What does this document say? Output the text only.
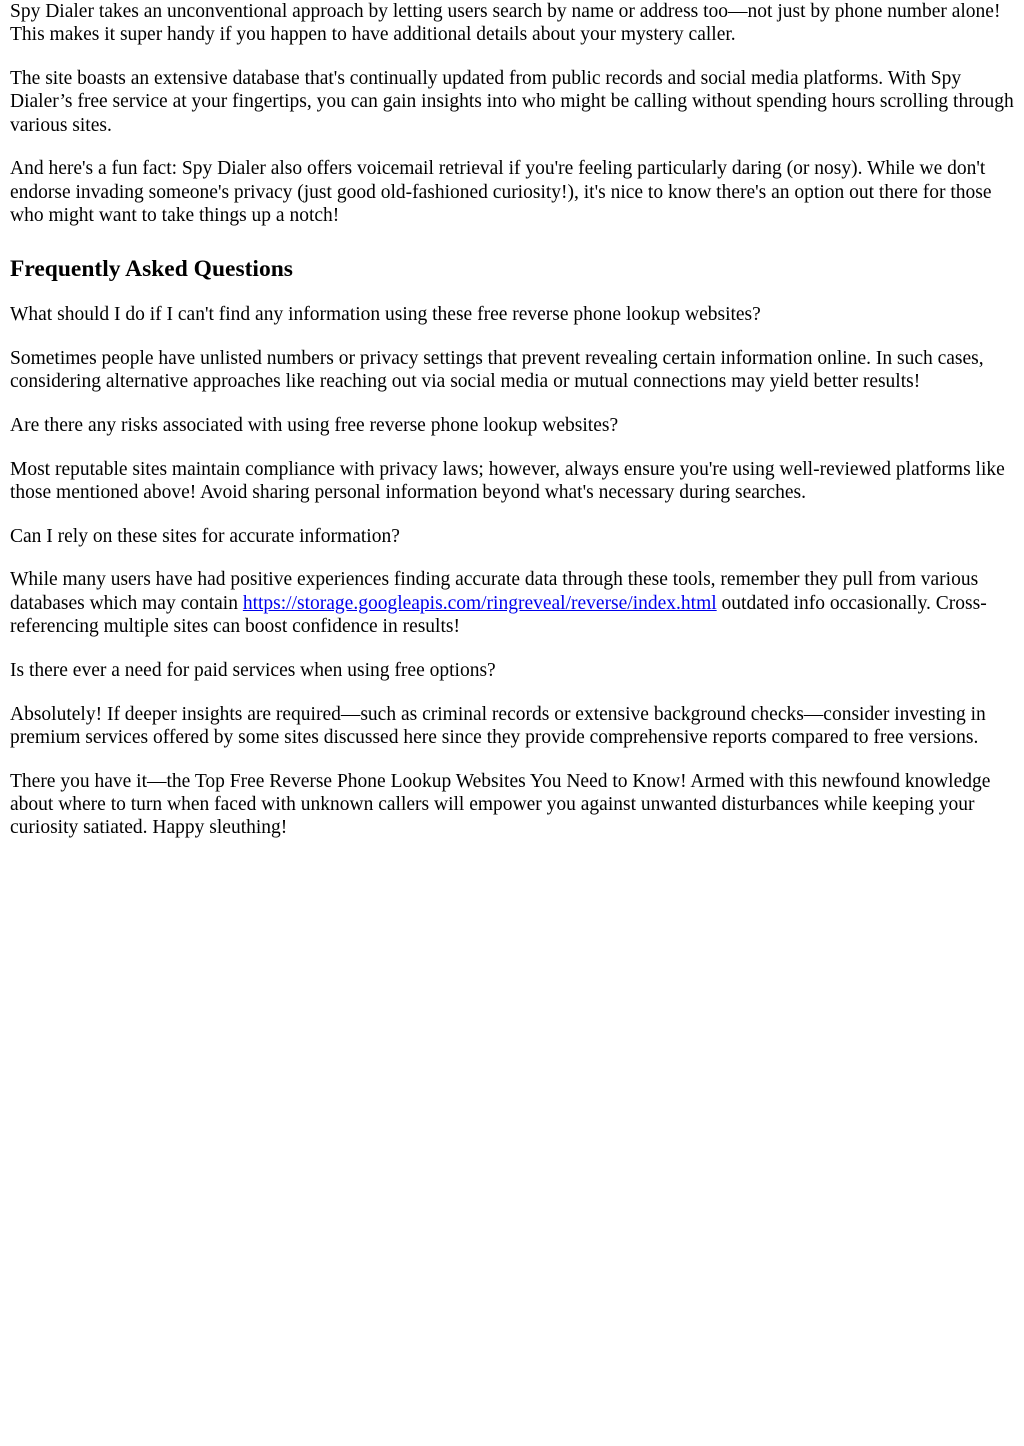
Spy Dialer takes an unconventional approach by letting users search by name or address too—not just by phone number alone! This makes it super handy if you happen to have additional details about your mystery caller.

The site boasts an extensive database that's continually updated from public records and social media platforms. With Spy Dialer’s free service at your fingertips, you can gain insights into who might be calling without spending hours scrolling through various sites.

And here's a fun fact: Spy Dialer also offers voicemail retrieval if you're feeling particularly daring (or nosy). While we don't endorse invading someone's privacy (just good old-fashioned curiosity!), it's nice to know there's an option out there for those who might want to take things up a notch!

Frequently Asked Questions

What should I do if I can't find any information using these free reverse phone lookup websites?

Sometimes people have unlisted numbers or privacy settings that prevent revealing certain information online. In such cases, considering alternative approaches like reaching out via social media or mutual connections may yield better results!

Are there any risks associated with using free reverse phone lookup websites?

Most reputable sites maintain compliance with privacy laws; however, always ensure you're using well-reviewed platforms like those mentioned above! Avoid sharing personal information beyond what's necessary during searches.

Can I rely on these sites for accurate information?

While many users have had positive experiences finding accurate data through these tools, remember they pull from various databases which may contain https://storage.googleapis.com/ringreveal/reverse/index.html outdated info occasionally. Cross-referencing multiple sites can boost confidence in results!

Is there ever a need for paid services when using free options?

Absolutely! If deeper insights are required—such as criminal records or extensive background checks—consider investing in premium services offered by some sites discussed here since they provide comprehensive reports compared to free versions.

There you have it—the Top Free Reverse Phone Lookup Websites You Need to Know! Armed with this newfound knowledge about where to turn when faced with unknown callers will empower you against unwanted disturbances while keeping your curiosity satiated. Happy sleuthing!
